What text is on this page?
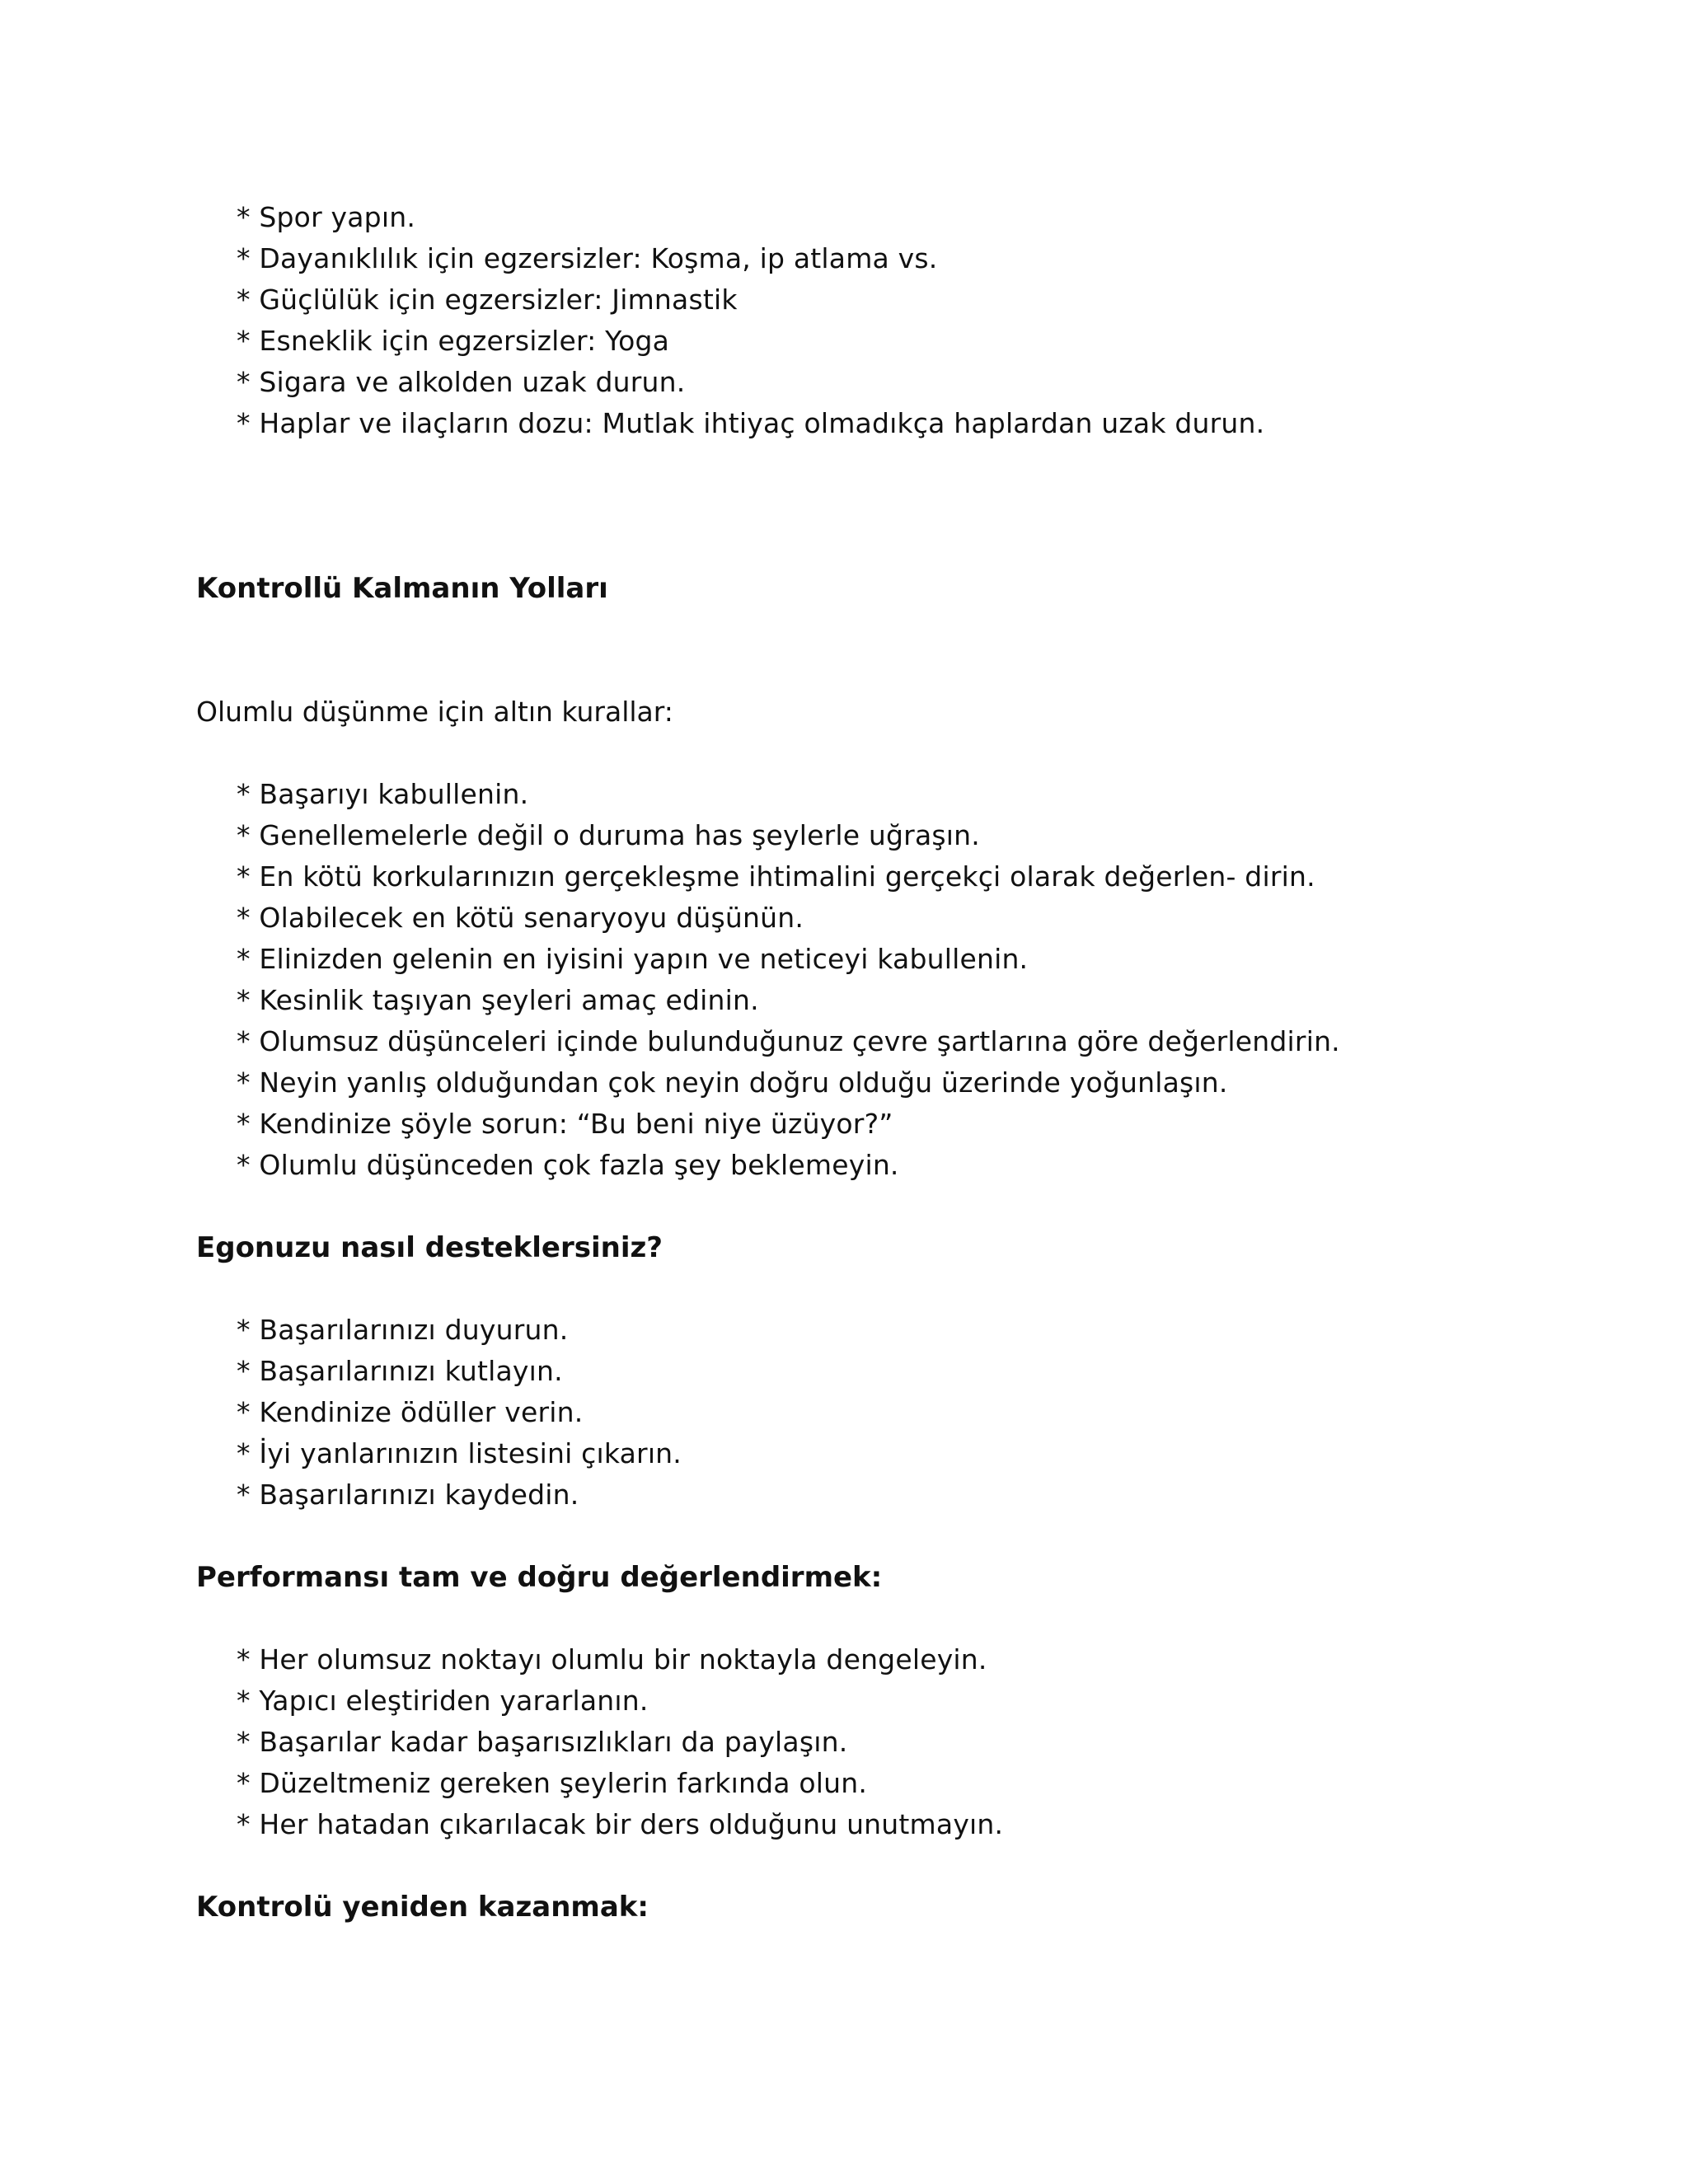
* Spor yapın.
* Dayanıklılık için egzersizler: Koşma, ip atlama vs.
* Güçlülük için egzersizler: Jimnastik
* Esneklik için egzersizler: Yoga
* Sigara ve alkolden uzak durun.
* Haplar ve ilaçların dozu: Mutlak ihtiyaç olmadıkça haplardan uzak durun.
Kontrollü Kalmanın Yolları

Olumlu düşünme için altın kurallar:

* Başarıyı kabullenin.
* Genellemelerle değil o duruma has şeylerle uğraşın.
* En kötü korkularınızın gerçekleşme ihtimalini gerçekçi olarak değerlen- dirin.
* Olabilecek en kötü senaryoyu düşünün.
* Elinizden gelenin en iyisini yapın ve neticeyi kabullenin.
* Kesinlik taşıyan şeyleri amaç edinin.
* Olumsuz düşünceleri içinde bulunduğunuz çevre şartlarına göre değerlendirin.
* Neyin yanlış olduğundan çok neyin doğru olduğu üzerinde yoğunlaşın.
* Kendinize şöyle sorun: “Bu beni niye üzüyor?”
* Olumlu düşünceden çok fazla şey beklemeyin.
Egonuzu nasıl desteklersiniz?
* Başarılarınızı duyurun.
* Başarılarınızı kutlayın.
* Kendinize ödüller verin.
* İyi yanlarınızın listesini çıkarın.
* Başarılarınızı kaydedin.
Performansı tam ve doğru değerlendirmek:
* Her olumsuz noktayı olumlu bir noktayla dengeleyin.
* Yapıcı eleştiriden yararlanın.
* Başarılar kadar başarısızlıkları da paylaşın.
* Düzeltmeniz gereken şeylerin farkında olun.
* Her hatadan çıkarılacak bir ders olduğunu unutmayın.
Kontrolü yeniden kazanmak:
